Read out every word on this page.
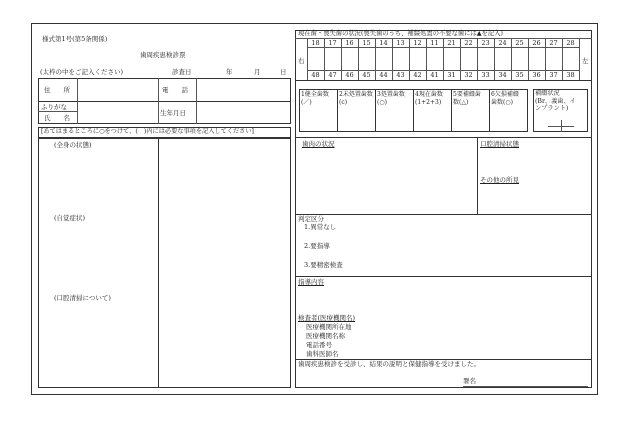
様式第1号(第5条関係)
歯周疾患検診票
(太枠の中をご記入ください)	診査日	年	月	日
住　　所	電　　話
ふりがな
氏　　名
生年月日
[あてはまるところに○をつけて、(　)内には必要な事項を記入してください]
(全身の状態)
(自覚症状)
(口腔清掃について)
現在歯・喪失歯の状況(喪失歯のうち、補綴処置の不要な歯には▲を記入)
右	左
18	17	16	15	14	13	12	11	21	22	23	24	25	26	27	28
48	47	46	45	44	43	42	41	31	32	33	34	35	36	37	38
1健全歯数
(／)
2未処置歯数
(c)
3処置歯数
(○)
4現在歯数
(1+2+3)
5要補綴歯
数(△)
6欠損補綴
歯数(○)
補綴状況
(Br、義歯、イ
ンプラント)
歯肉の状況	口腔清掃状態
その他の所見
判定区分
1.異常なし
2.要指導
3.要精密検査
指導内容
検査者(医療機関名)
医療機関所在地
医療機関名称
電話番号
歯科医師名
歯周疾患検診を受診し、結果の説明と保健指導を受けました。
署名
